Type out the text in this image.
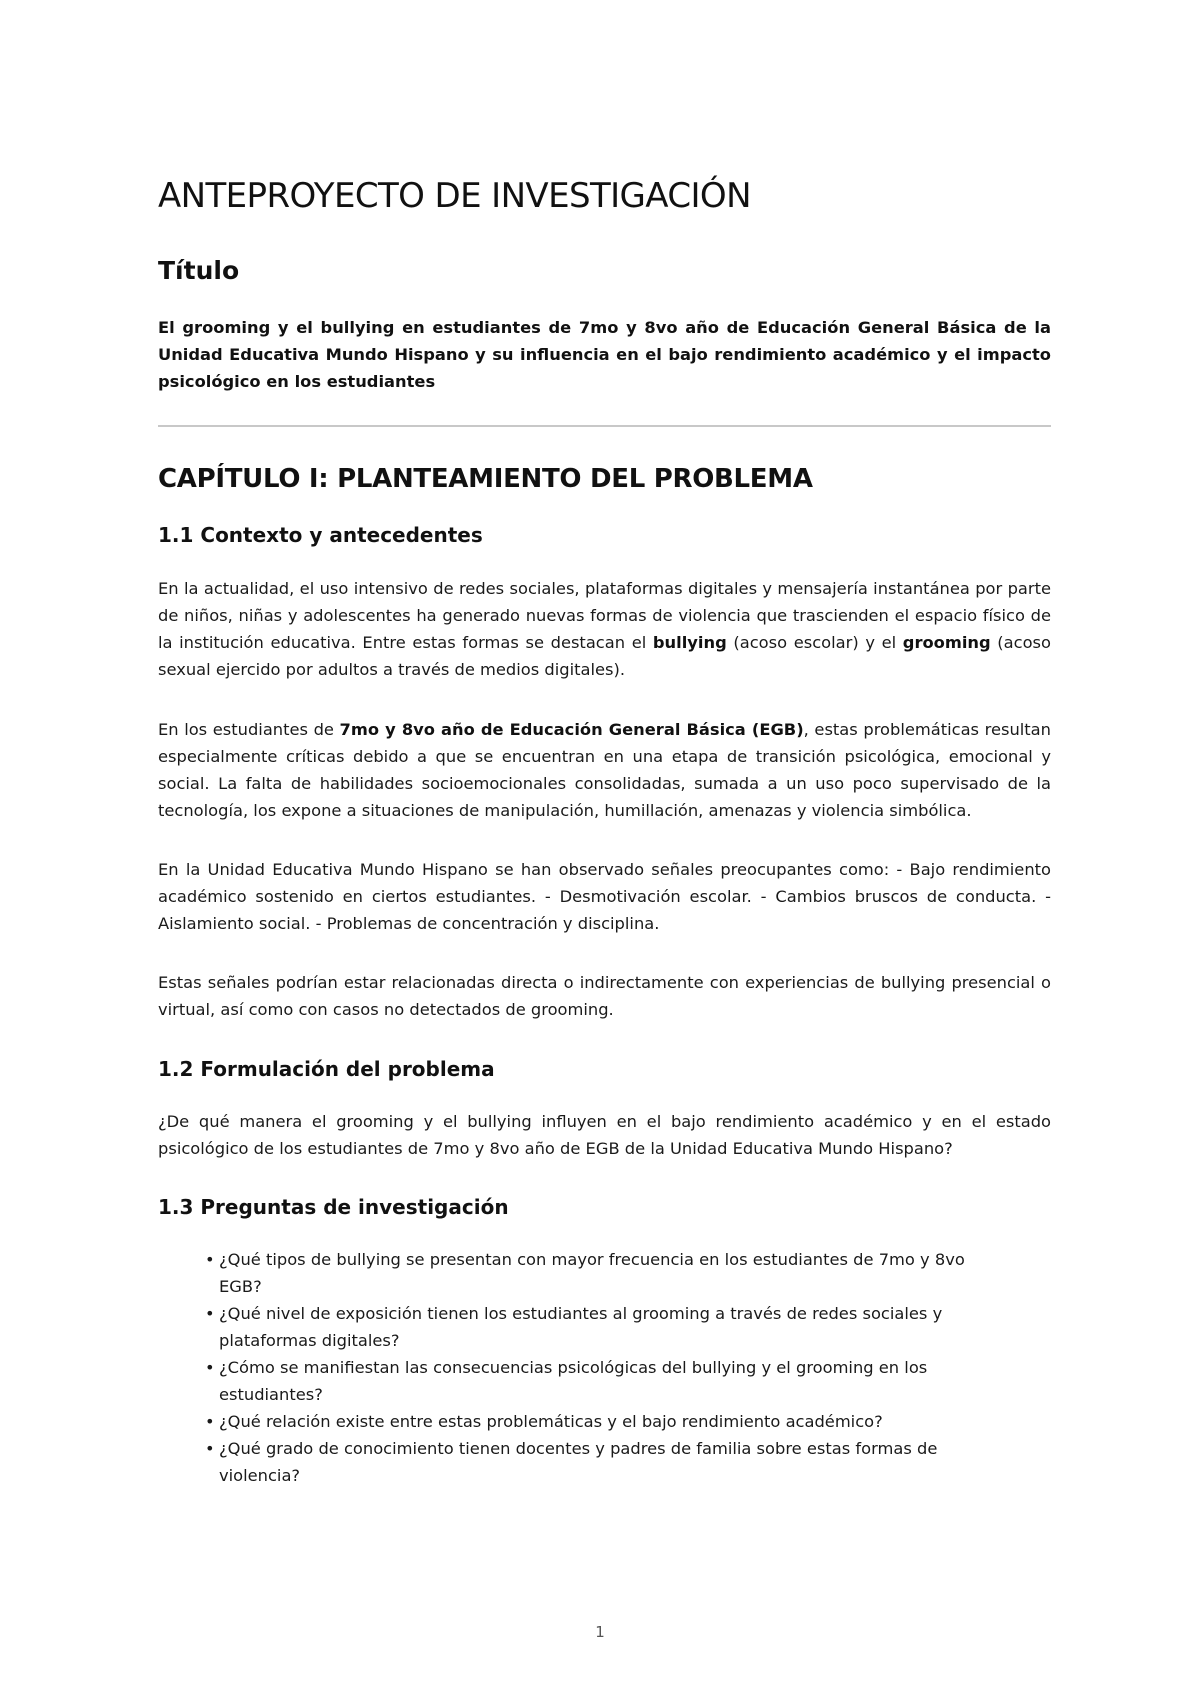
ANTEPROYECTO DE INVESTIGACIÓN
Título

El grooming y el bullying en estudiantes de 7mo y 8vo año de Educación General Básica de la Unidad Educativa Mundo Hispano y su influencia en el bajo rendimiento académico y el impacto psicológico en los estudiantes

CAPÍTULO I: PLANTEAMIENTO DEL PROBLEMA
1.1 Contexto y antecedentes

En la actualidad, el uso intensivo de redes sociales, plataformas digitales y mensajería instantánea por parte de niños, niñas y adolescentes ha generado nuevas formas de violencia que trascienden el espacio físico de la institución educativa. Entre estas formas se destacan el bullying (acoso escolar) y el grooming (acoso sexual ejercido por adultos a través de medios digitales).

En los estudiantes de 7mo y 8vo año de Educación General Básica (EGB), estas problemáticas resultan especialmente críticas debido a que se encuentran en una etapa de transición psicológica, emocional y social. La falta de habilidades socioemocionales consolidadas, sumada a un uso poco supervisado de la tecnología, los expone a situaciones de manipulación, humillación, amenazas y violencia simbólica.

En la Unidad Educativa Mundo Hispano se han observado señales preocupantes como: - Bajo rendimiento académico sostenido en ciertos estudiantes. - Desmotivación escolar. - Cambios bruscos de conducta. - Aislamiento social. - Problemas de concentración y disciplina.

Estas señales podrían estar relacionadas directa o indirectamente con experiencias de bullying presencial o virtual, así como con casos no detectados de grooming.

1.2 Formulación del problema

¿De qué manera el grooming y el bullying influyen en el bajo rendimiento académico y en el estado psicológico de los estudiantes de 7mo y 8vo año de EGB de la Unidad Educativa Mundo Hispano?

1.3 Preguntas de investigación
• ¿Qué tipos de bullying se presentan con mayor frecuencia en los estudiantes de 7mo y 8vo EGB?
• ¿Qué nivel de exposición tienen los estudiantes al grooming a través de redes sociales y plataformas digitales?
• ¿Cómo se manifiestan las consecuencias psicológicas del bullying y el grooming en los estudiantes?
• ¿Qué relación existe entre estas problemáticas y el bajo rendimiento académico?
• ¿Qué grado de conocimiento tienen docentes y padres de familia sobre estas formas de violencia?
1
